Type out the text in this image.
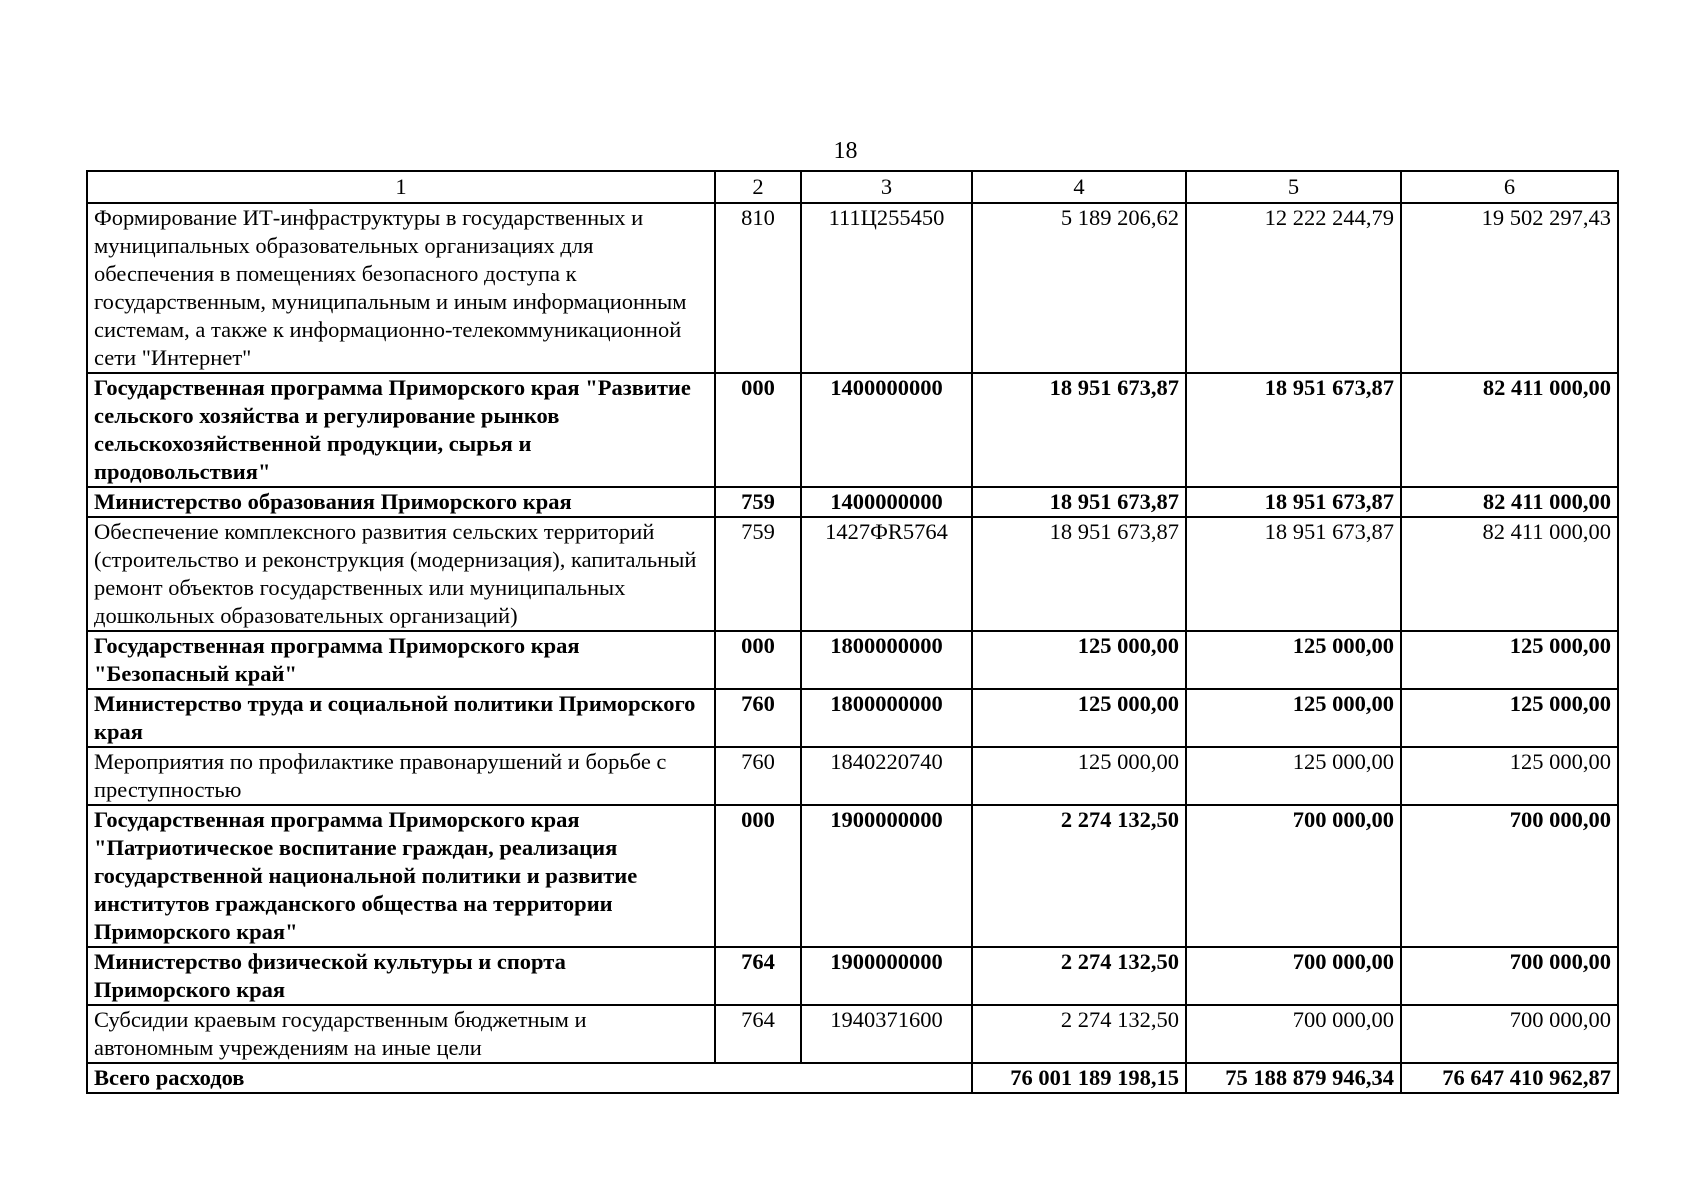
18
1	2	3	4	5	6
Формирование ИТ-инфраструктуры в государственных и муниципальных образовательных организациях для обеспечения в помещениях безопасного доступа к государственным, муниципальным и иным информационным системам, а также к информационно-телекоммуникационной сети "Интернет"	810	111Ц255450	5 189 206,62	12 222 244,79	19 502 297,43
Государственная программа Приморского края "Развитие сельского хозяйства и регулирование рынков сельскохозяйственной продукции, сырья и продовольствия"	000	1400000000	18 951 673,87	18 951 673,87	82 411 000,00
Министерство образования Приморского края	759	1400000000	18 951 673,87	18 951 673,87	82 411 000,00
Обеспечение комплексного развития сельских территорий (строительство и реконструкция (модернизация), капитальный ремонт объектов государственных или муниципальных дошкольных образовательных организаций)	759	1427ФR5764	18 951 673,87	18 951 673,87	82 411 000,00
Государственная программа Приморского края "Безопасный край"	000	1800000000	125 000,00	125 000,00	125 000,00
Министерство труда и социальной политики Приморского края	760	1800000000	125 000,00	125 000,00	125 000,00
Мероприятия по профилактике правонарушений и борьбе с преступностью	760	1840220740	125 000,00	125 000,00	125 000,00
Государственная программа Приморского края "Патриотическое воспитание граждан, реализация государственной национальной политики и развитие институтов гражданского общества на территории Приморского края"	000	1900000000	2 274 132,50	700 000,00	700 000,00
Министерство физической культуры и спорта Приморского края	764	1900000000	2 274 132,50	700 000,00	700 000,00
Субсидии краевым государственным бюджетным и автономным учреждениям на иные цели	764	1940371600	2 274 132,50	700 000,00	700 000,00
Всего расходов			76 001 189 198,15	75 188 879 946,34	76 647 410 962,87
